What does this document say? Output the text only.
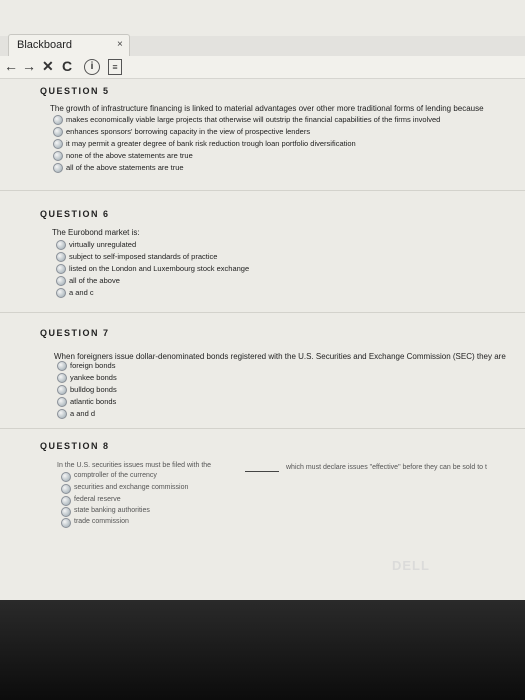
Blackboard	×
← → ✕ C	i	≡
QUESTION 5
The growth of infrastructure financing is linked to material advantages over other more traditional forms of lending because
makes economically viable large projects that otherwise will outstrip the financial capabilities of the firms involved
enhances sponsors' borrowing capacity in the view of prospective lenders
it may permit a greater degree of bank risk reduction trough loan portfolio diversification
none of the above statements are true
all of the above statements are true
QUESTION 6
The Eurobond market is:
virtually unregulated
subject to self-imposed standards of practice
listed on the London and Luxembourg stock exchange
all of the above
a and c
QUESTION 7
When foreigners issue dollar-denominated bonds registered with the U.S. Securities and Exchange Commission (SEC) they are
foreign bonds
yankee bonds
bulldog bonds
atlantic bonds
a and d
QUESTION 8
In the U.S. securities issues must be filed with the	which must declare issues "effective" before they can be sold to t
comptroller of the currency
securities and exchange commission
federal reserve
state banking authorities
trade commission
DELL
